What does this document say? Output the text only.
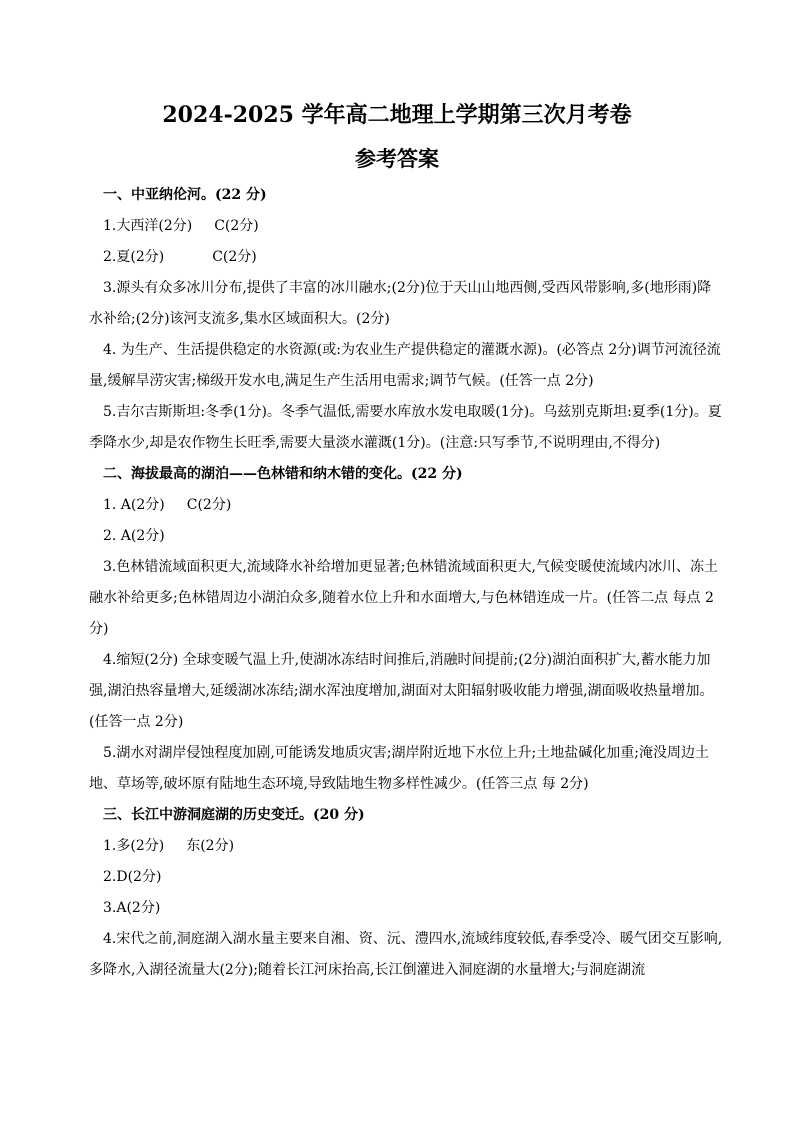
2024-2025 学年高二地理上学期第三次月考卷
参考答案

一、中亚纳伦河。(22 分)

1.大西洋(2分) C(2分)

2.夏(2分)	C(2分)

3.源头有众多冰川分布,提供了丰富的冰川融水;(2分)位于天山山地西侧,受西风带影响,多(地形雨)降水补给;(2分)该河支流多,集水区域面积大。(2分)

4. 为生产、生活提供稳定的水资源(或:为农业生产提供稳定的灌溉水源)。(必答点 2分)调节河流径流量,缓解旱涝灾害;梯级开发水电,满足生产生活用电需求;调节气候。(任答一点 2分)

5.吉尔吉斯斯坦:冬季(1分)。冬季气温低,需要水库放水发电取暖(1分)。乌兹别克斯坦:夏季(1分)。夏季降水少,却是农作物生长旺季,需要大量淡水灌溉(1分)。(注意:只写季节,不说明理由,不得分)

二、海拔最高的湖泊——色林错和纳木错的变化。(22 分)

1. A(2分) C(2分)

2. A(2分)

3.色林错流域面积更大,流域降水补给增加更显著;色林错流域面积更大,气候变暖使流域内冰川、冻土融水补给更多;色林错周边小湖泊众多,随着水位上升和水面增大,与色林错连成一片。(任答二点 每点 2分)

4.缩短(2分) 全球变暖气温上升,使湖冰冻结时间推后,消融时间提前;(2分)湖泊面积扩大,蓄水能力加强,湖泊热容量增大,延缓湖冰冻结;湖水浑浊度增加,湖面对太阳辐射吸收能力增强,湖面吸收热量增加。(任答一点 2分)

5.湖水对湖岸侵蚀程度加剧,可能诱发地质灾害;湖岸附近地下水位上升;土地盐碱化加重;淹没周边土地、草场等,破坏原有陆地生态环境,导致陆地生物多样性减少。(任答三点 每 2分)

三、长江中游洞庭湖的历史变迁。(20 分)

1.多(2分) 东(2分)

2.D(2分)

3.A(2分)

4.宋代之前,洞庭湖入湖水量主要来自湘、资、沅、澧四水,流域纬度较低,春季受冷、暖气团交互影响,多降水,入湖径流量大(2分);随着长江河床抬高,长江倒灌进入洞庭湖的水量增大;与洞庭湖流
